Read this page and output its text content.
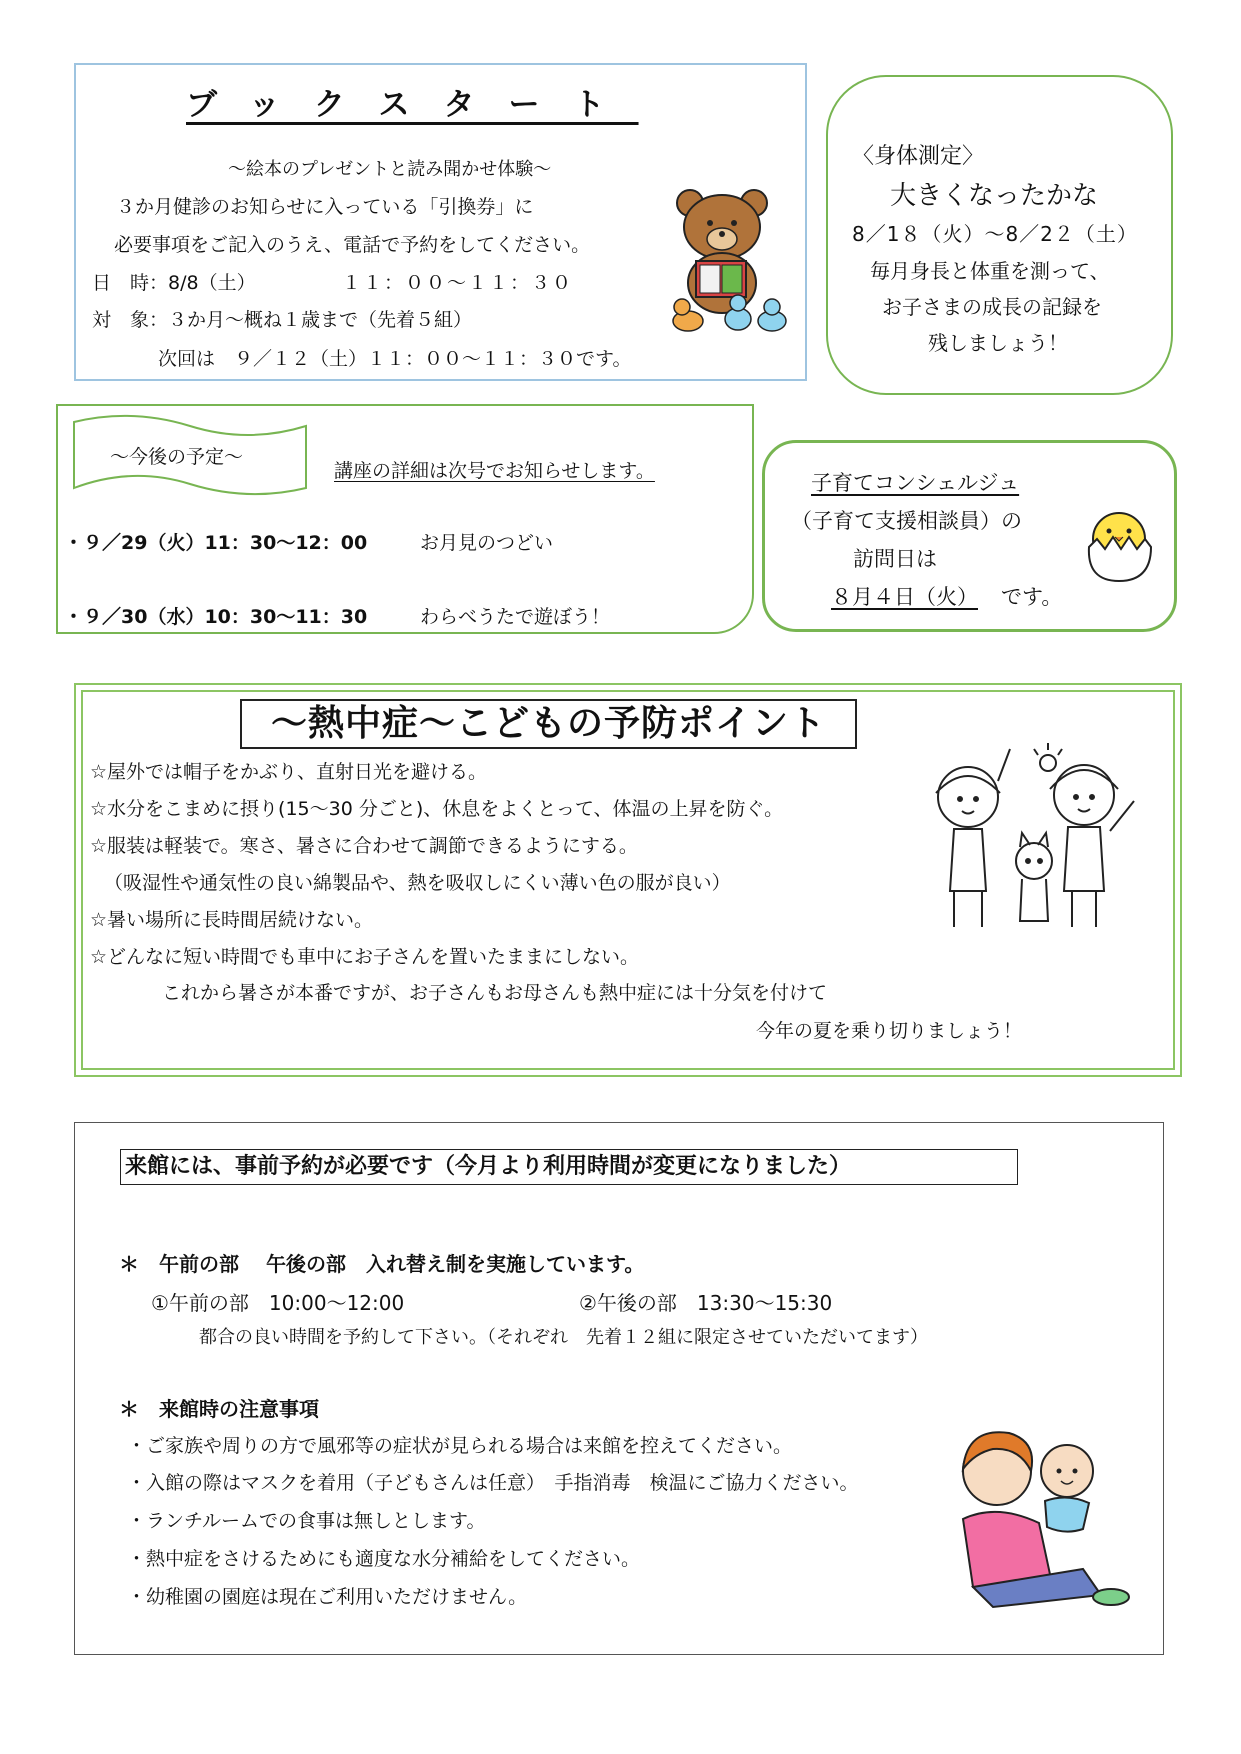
ブックスタート
～絵本のプレゼントと読み聞かせ体験～
３か月健診のお知らせに入っている「引換券」に
必要事項をご記入のうえ、電話で予約をしてください。
日　時：8/8（土）	１１：００～１１：３０
対　象：３か月～概ね１歳まで（先着５組）
次回は　９／１２（土）１１：００～１１：３０です。
〈身体測定〉
大きくなったかな
8／1８（火）～8／2２（土）
毎月身長と体重を測って、
お子さまの成長の記録を
残しましょう！
～今後の予定～
講座の詳細は次号でお知らせします。
・９／29（火）11：30～12：00	お月見のつどい
・９／30（水）10：30～11：30	わらべうたで遊ぼう！
子育てコンシェルジュ
（子育て支援相談員）の
訪問日は
８月４日（火） です。
～熱中症～こどもの予防ポイント
☆屋外では帽子をかぶり、直射日光を避ける。
☆水分をこまめに摂り(15～30 分ごと)、休息をよくとって、体温の上昇を防ぐ。
☆服装は軽装で。寒さ、暑さに合わせて調節できるようにする。
（吸湿性や通気性の良い綿製品や、熱を吸収しにくい薄い色の服が良い）
☆暑い場所に長時間居続けない。
☆どんなに短い時間でも車中にお子さんを置いたままにしない。
これから暑さが本番ですが、お子さんもお母さんも熱中症には十分気を付けて
今年の夏を乗り切りましょう！
来館には、事前予約が必要です（今月より利用時間が変更になりました）
＊　午前の部　 午後の部　入れ替え制を実施しています。
①午前の部　10:00～12:00	②午後の部　13:30～15:30
都合の良い時間を予約して下さい。（それぞれ　先着１２組に限定させていただいてます）
＊　来館時の注意事項
・ご家族や周りの方で風邪等の症状が見られる場合は来館を控えてください。
・入館の際はマスクを着用（子どもさんは任意）　手指消毒　検温にご協力ください。
・ランチルームでの食事は無しとします。
・熱中症をさけるためにも適度な水分補給をしてください。
・幼稚園の園庭は現在ご利用いただけません。
